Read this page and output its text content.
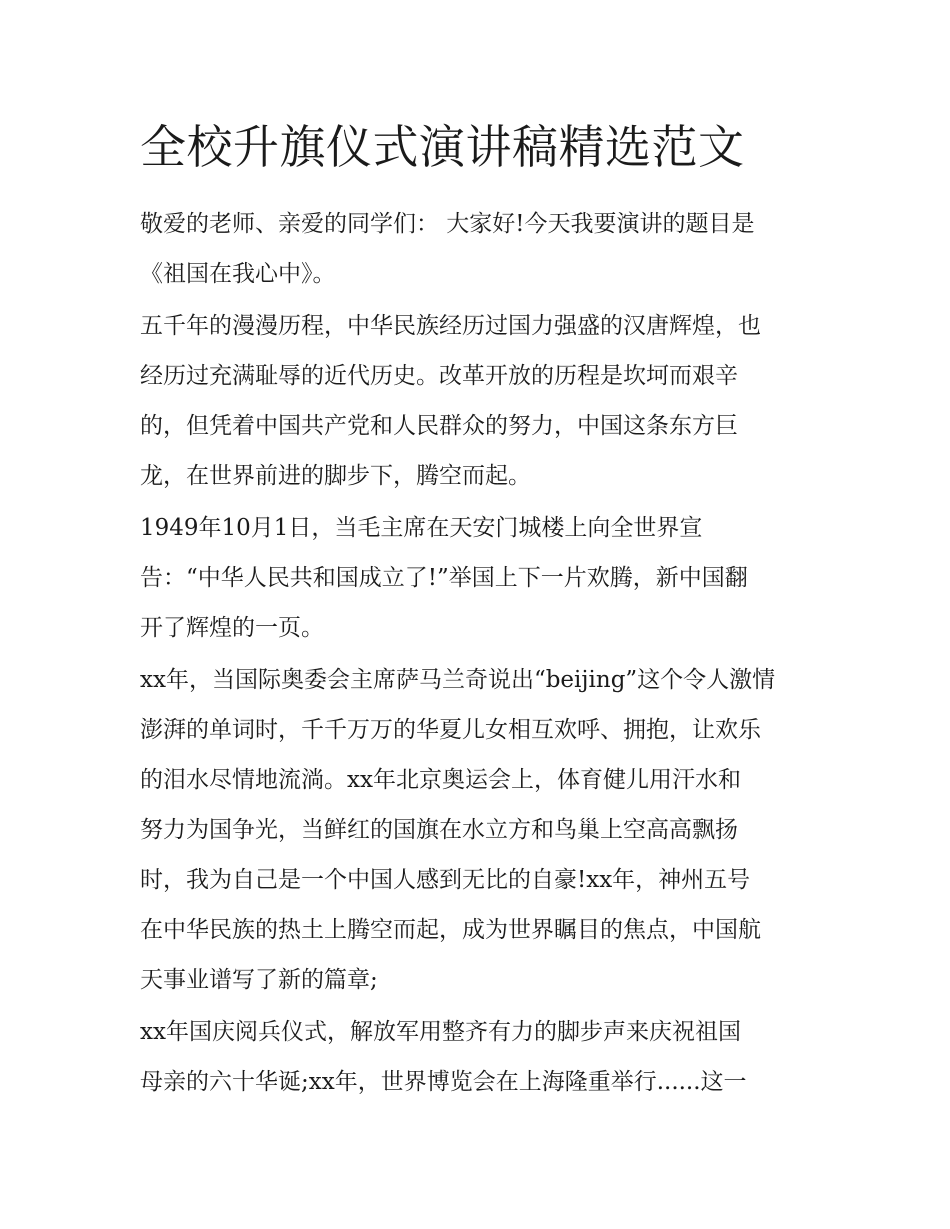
全校升旗仪式演讲稿精选范文

敬爱的老师、亲爱的同学们： 大家好!今天我要演讲的题目是

《祖国在我心中》。

五千年的漫漫历程，中华民族经历过国力强盛的汉唐辉煌，也

经历过充满耻辱的近代历史。改革开放的历程是坎坷而艰辛

的，但凭着中国共产党和人民群众的努力，中国这条东方巨

龙，在世界前进的脚步下，腾空而起。

1949年10月1日，当毛主席在天安门城楼上向全世界宣

告：“中华人民共和国成立了!”举国上下一片欢腾，新中国翻

开了辉煌的一页。

xx年，当国际奥委会主席萨马兰奇说出“beijing”这个令人激情

澎湃的单词时，千千万万的华夏儿女相互欢呼、拥抱，让欢乐

的泪水尽情地流淌。xx年北京奥运会上，体育健儿用汗水和

努力为国争光，当鲜红的国旗在水立方和鸟巢上空高高飘扬

时，我为自己是一个中国人感到无比的自豪!xx年，神州五号

在中华民族的热土上腾空而起，成为世界瞩目的焦点，中国航

天事业谱写了新的篇章;

xx年国庆阅兵仪式，解放军用整齐有力的脚步声来庆祝祖国

母亲的六十华诞;xx年，世界博览会在上海隆重举行......这一
